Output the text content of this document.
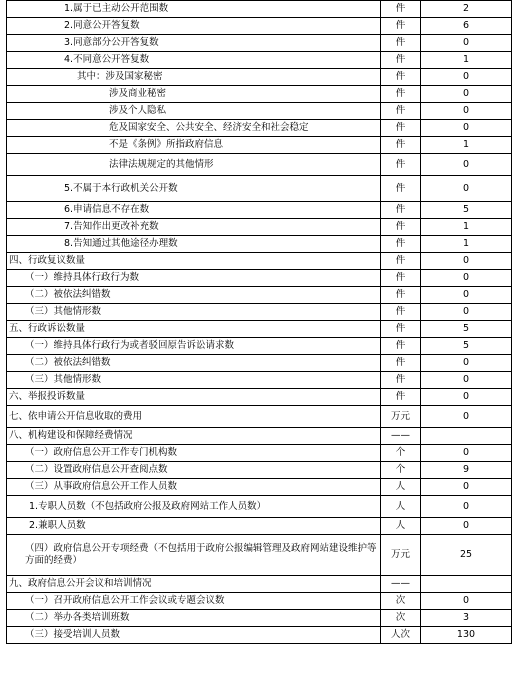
1.属于已主动公开范围数	件	2
2.同意公开答复数	件	6
3.同意部分公开答复数	件	0
4.不同意公开答复数	件	1
其中：涉及国家秘密	件	0
涉及商业秘密	件	0
涉及个人隐私	件	0
危及国家安全、公共安全、经济安全和社会稳定	件	0
不是《条例》所指政府信息	件	1
法律法规规定的其他情形	件	0
5.不属于本行政机关公开数	件	0
6.申请信息不存在数	件	5
7.告知作出更改补充数	件	1
8.告知通过其他途径办理数	件	1
四、行政复议数量	件	0
（一）维持具体行政行为数	件	0
（二）被依法纠错数	件	0
（三）其他情形数	件	0
五、行政诉讼数量	件	5
（一）维持具体行政行为或者驳回原告诉讼请求数	件	5
（二）被依法纠错数	件	0
（三）其他情形数	件	0
六、举报投诉数量	件	0
七、依申请公开信息收取的费用	万元	0
八、机构建设和保障经费情况	——	
（一）政府信息公开工作专门机构数	个	0
（二）设置政府信息公开查阅点数	个	9
（三）从事政府信息公开工作人员数	人	0
1.专职人员数（不包括政府公报及政府网站工作人员数）	人	0
2.兼职人员数	人	0
（四）政府信息公开专项经费（不包括用于政府公报编辑管理及政府网站建设维护等方面的经费）	万元	25
九、政府信息公开会议和培训情况	——	
（一）召开政府信息公开工作会议或专题会议数	次	0
（二）举办各类培训班数	次	3
（三）接受培训人员数	人次	130
